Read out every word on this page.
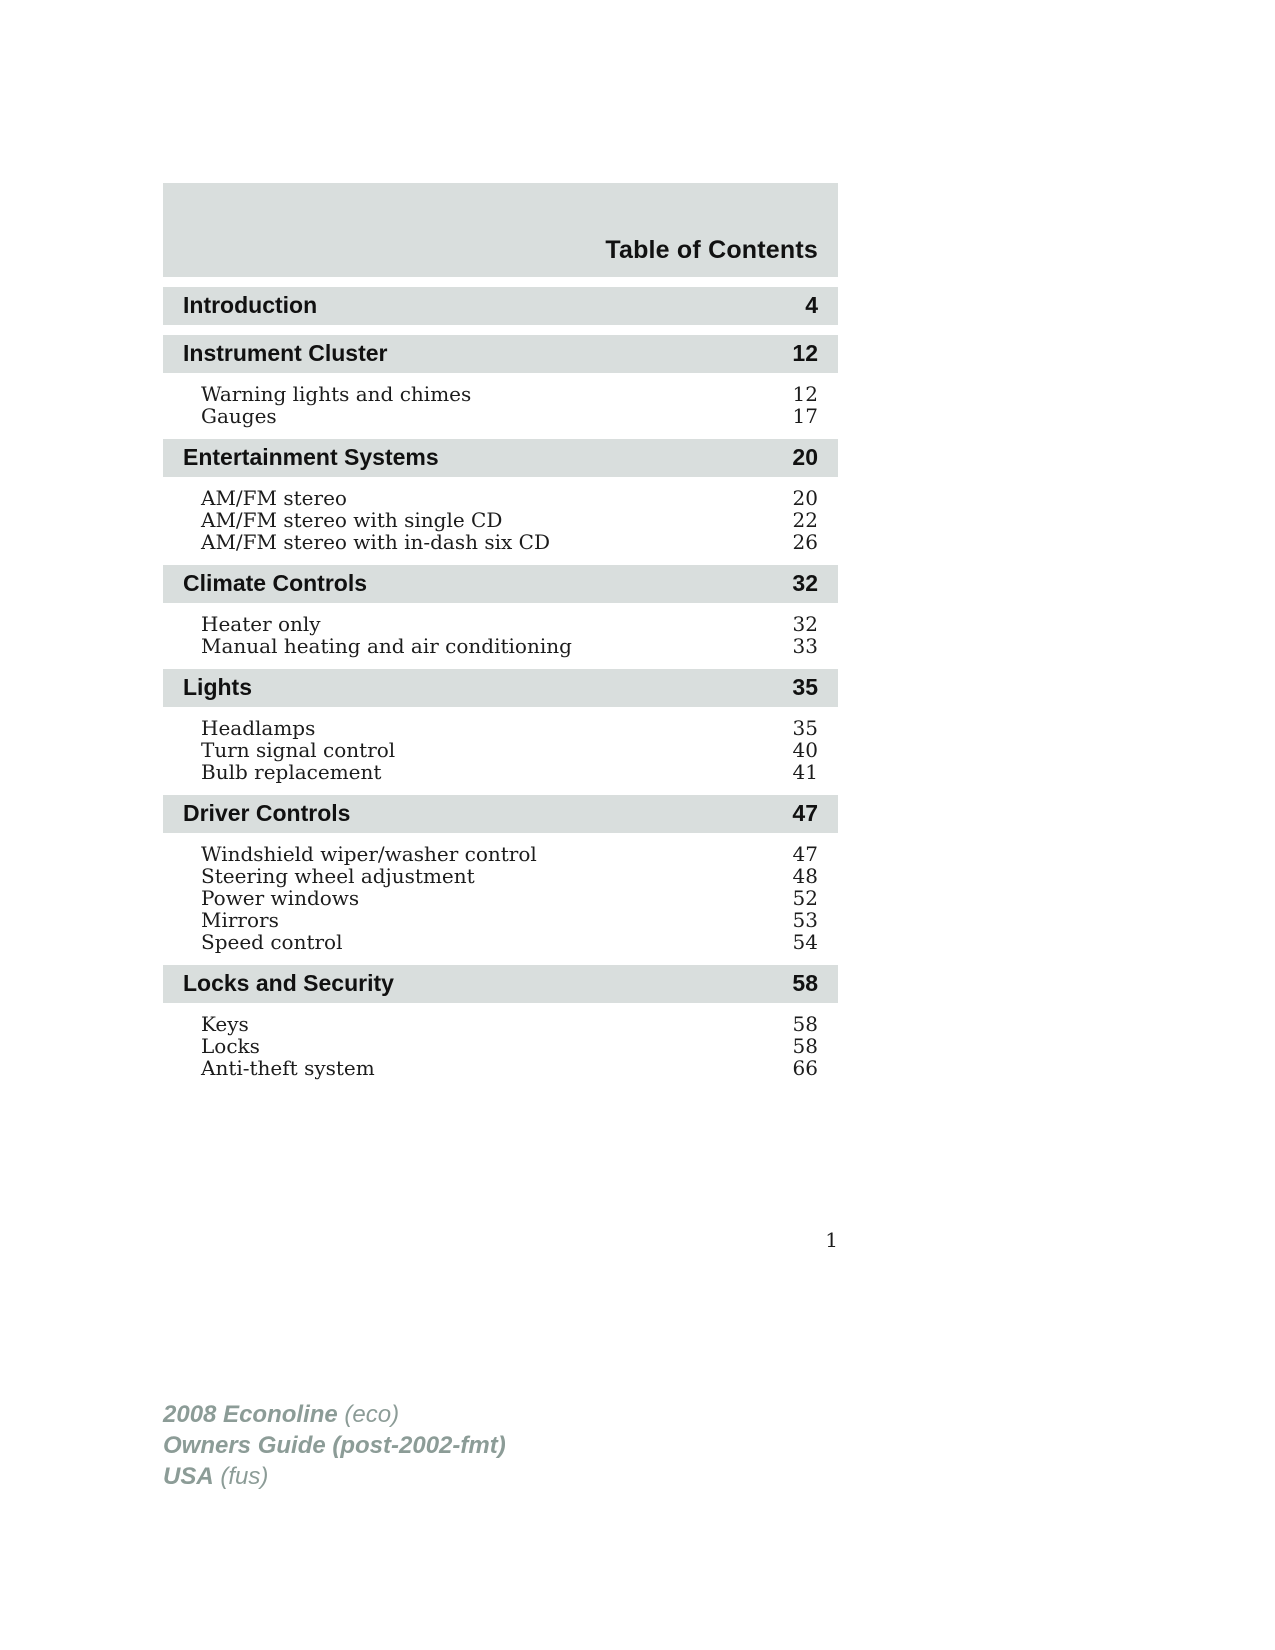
Table of Contents
Introduction	4
Instrument Cluster	12
Warning lights and chimes	12
Gauges	17
Entertainment Systems	20
AM/FM stereo	20
AM/FM stereo with single CD	22
AM/FM stereo with in-dash six CD	26
Climate Controls	32
Heater only	32
Manual heating and air conditioning	33
Lights	35
Headlamps	35
Turn signal control	40
Bulb replacement	41
Driver Controls	47
Windshield wiper/washer control	47
Steering wheel adjustment	48
Power windows	52
Mirrors	53
Speed control	54
Locks and Security	58
Keys	58
Locks	58
Anti-theft system	66
1
2008 Econoline (eco)
Owners Guide (post-2002-fmt)
USA (fus)
